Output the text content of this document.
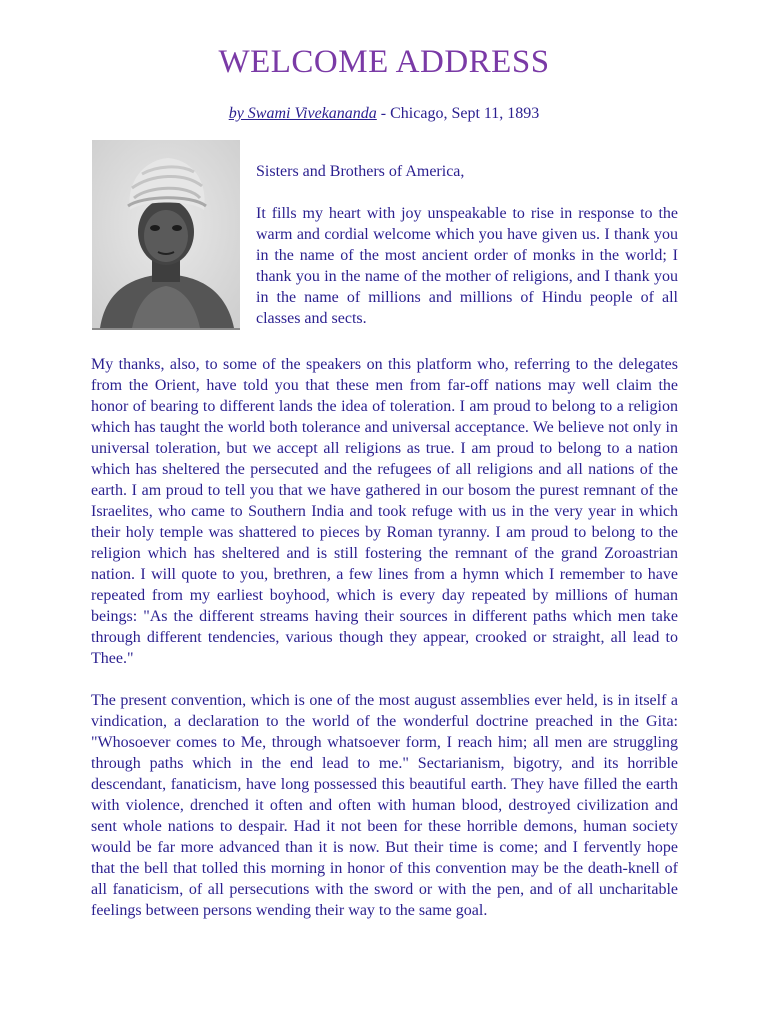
WELCOME ADDRESS
by Swami Vivekananda - Chicago, Sept 11, 1893

Sisters and Brothers of America,

It fills my heart with joy unspeakable to rise in response to the warm and cordial welcome which you have given us. I thank you in the name of the most ancient order of monks in the world; I thank you in the name of the mother of religions, and I thank you in the name of millions and millions of Hindu people of all classes and sects.

My thanks, also, to some of the speakers on this platform who, referring to the delegates from the Orient, have told you that these men from far-off nations may well claim the honor of bearing to different lands the idea of toleration. I am proud to belong to a religion which has taught the world both tolerance and universal acceptance. We believe not only in universal toleration, but we accept all religions as true. I am proud to belong to a nation which has sheltered the persecuted and the refugees of all religions and all nations of the earth. I am proud to tell you that we have gathered in our bosom the purest remnant of the Israelites, who came to Southern India and took refuge with us in the very year in which their holy temple was shattered to pieces by Roman tyranny. I am proud to belong to the religion which has sheltered and is still fostering the remnant of the grand Zoroastrian nation. I will quote to you, brethren, a few lines from a hymn which I remember to have repeated from my earliest boyhood, which is every day repeated by millions of human beings: "As the different streams having their sources in different paths which men take through different tendencies, various though they appear, crooked or straight, all lead to Thee."

The present convention, which is one of the most august assemblies ever held, is in itself a vindication, a declaration to the world of the wonderful doctrine preached in the Gita: "Whosoever comes to Me, through whatsoever form, I reach him; all men are struggling through paths which in the end lead to me." Sectarianism, bigotry, and its horrible descendant, fanaticism, have long possessed this beautiful earth. They have filled the earth with violence, drenched it often and often with human blood, destroyed civilization and sent whole nations to despair. Had it not been for these horrible demons, human society would be far more advanced than it is now. But their time is come; and I fervently hope that the bell that tolled this morning in honor of this convention may be the death-knell of all fanaticism, of all persecutions with the sword or with the pen, and of all uncharitable feelings between persons wending their way to the same goal.
